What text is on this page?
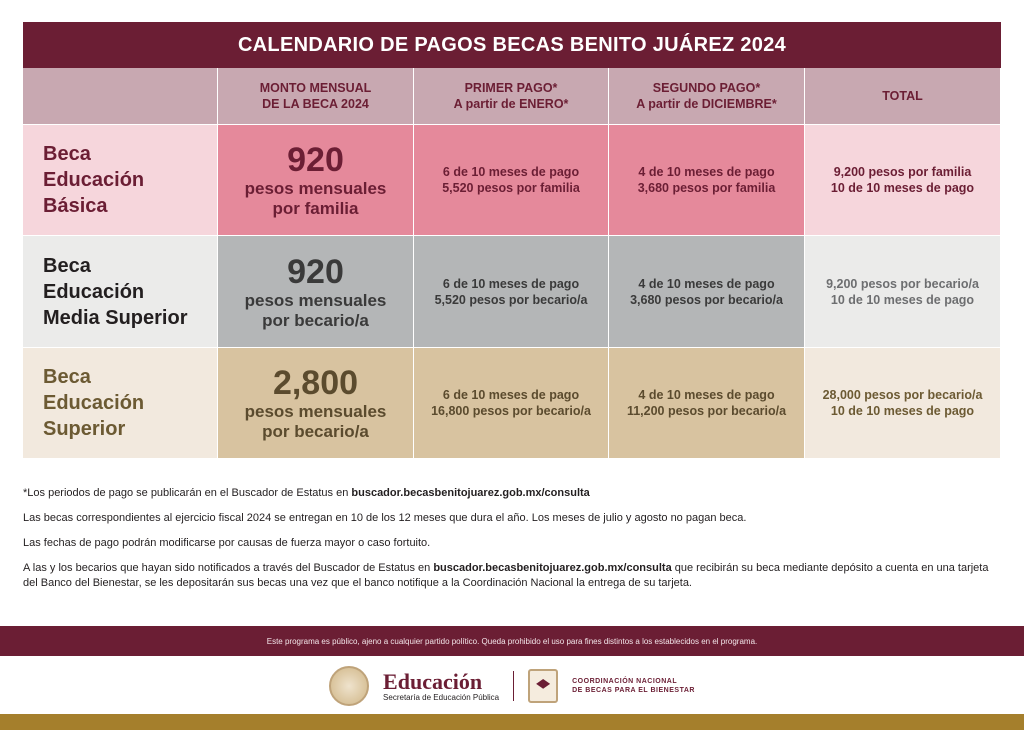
CALENDARIO DE PAGOS BECAS BENITO JUÁREZ 2024
MONTO MENSUAL
DE LA BECA 2024
PRIMER PAGO*
A partir de ENERO*
SEGUNDO PAGO*
A partir de DICIEMBRE*
TOTAL
Beca
Educación
Básica
920
pesos mensuales
por familia
6 de 10 meses de pago
5,520 pesos por familia
4 de 10 meses de pago
3,680 pesos por familia
9,200 pesos por familia
10 de 10 meses de pago
Beca
Educación
Media Superior
920
pesos mensuales
por becario/a
6 de 10 meses de pago
5,520 pesos por becario/a
4 de 10 meses de pago
3,680 pesos por becario/a
9,200 pesos por becario/a
10 de 10 meses de pago
Beca
Educación
Superior
2,800
pesos mensuales
por becario/a
6 de 10 meses de pago
16,800 pesos por becario/a
4 de 10 meses de pago
11,200 pesos por becario/a
28,000 pesos por becario/a
10 de 10 meses de pago

*Los periodos de pago se publicarán en el Buscador de Estatus en buscador.becasbenitojuarez.gob.mx/consulta

Las becas correspondientes al ejercicio fiscal 2024 se entregan en 10 de los 12 meses que dura el año. Los meses de julio y agosto no pagan beca.

Las fechas de pago podrán modificarse por causas de fuerza mayor o caso fortuito.

A las y los becarios que hayan sido notificados a través del Buscador de Estatus en buscador.becasbenitojuarez.gob.mx/consulta que recibirán su beca mediante depósito a cuenta en una tarjeta del Banco del Bienestar, se les depositarán sus becas una vez que el banco notifique a la Coordinación Nacional la entrega de su tarjeta.

Este programa es público, ajeno a cualquier partido político. Queda prohibido el uso para fines distintos a los establecidos en el programa.
Educación
Secretaría de Educación Pública
COORDINACIÓN NACIONAL
DE BECAS PARA EL BIENESTAR
